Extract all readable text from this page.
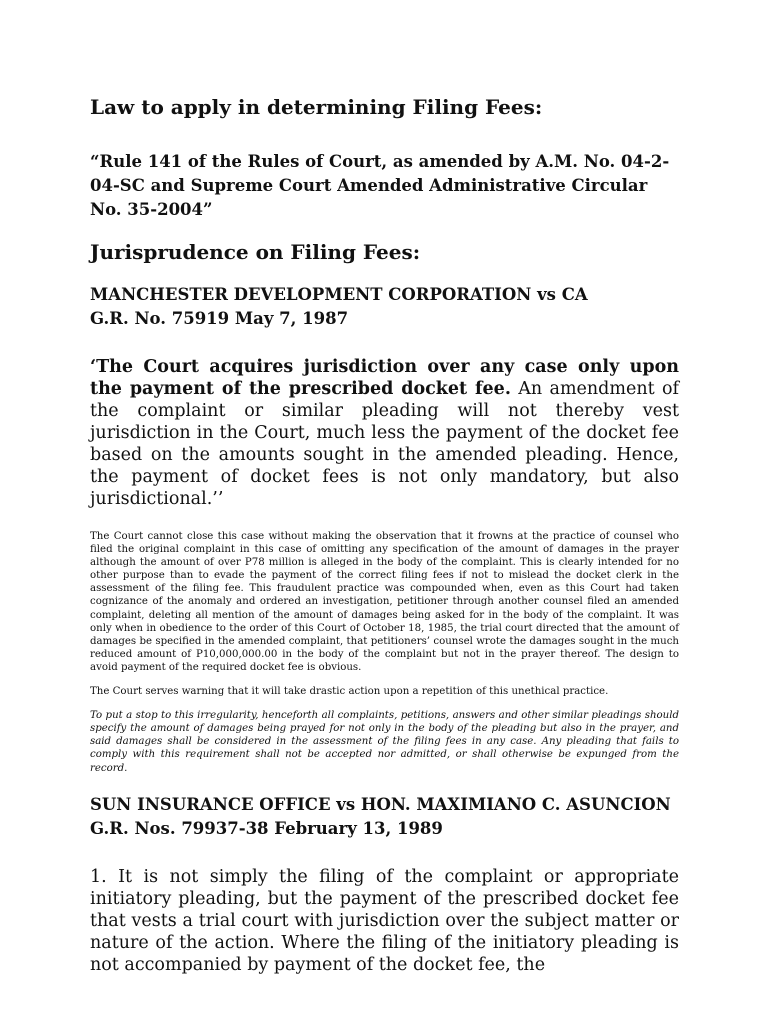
Law to apply in determining Filing Fees:
“Rule 141 of the Rules of Court, as amended by A.M. No. 04-2-04-SC and Supreme Court Amended Administrative Circular No. 35-2004”
Jurisprudence on Filing Fees:
MANCHESTER DEVELOPMENT CORPORATION vs CA
G.R. No. 75919 May 7, 1987
‘The Court acquires jurisdiction over any case only upon the payment of the prescribed docket fee. An amendment of the complaint or similar pleading will not thereby vest jurisdiction in the Court, much less the payment of the docket fee based on the amounts sought in the amended pleading. Hence, the payment of docket fees is not only mandatory, but also jurisdictional.’’
The Court cannot close this case without making the observation that it frowns at the practice of counsel who filed the original complaint in this case of omitting any specification of the amount of damages in the prayer although the amount of over P78 million is alleged in the body of the complaint. This is clearly intended for no other purpose than to evade the payment of the correct filing fees if not to mislead the docket clerk in the assessment of the filing fee. This fraudulent practice was compounded when, even as this Court had taken cognizance of the anomaly and ordered an investigation, petitioner through another counsel filed an amended complaint, deleting all mention of the amount of damages being asked for in the body of the complaint. It was only when in obedience to the order of this Court of October 18, 1985, the trial court directed that the amount of damages be specified in the amended complaint, that petitioners’ counsel wrote the damages sought in the much reduced amount of P10,000,000.00 in the body of the complaint but not in the prayer thereof. The design to avoid payment of the required docket fee is obvious.
The Court serves warning that it will take drastic action upon a repetition of this unethical practice.
To put a stop to this irregularity, henceforth all complaints, petitions, answers and other similar pleadings should specify the amount of damages being prayed for not only in the body of the pleading but also in the prayer, and said damages shall be considered in the assessment of the filing fees in any case. Any pleading that fails to comply with this requirement shall not be accepted nor admitted, or shall otherwise be expunged from the record.
SUN INSURANCE OFFICE vs HON. MAXIMIANO C. ASUNCION
G.R. Nos. 79937-38 February 13, 1989
1. It is not simply the filing of the complaint or appropriate initiatory pleading, but the payment of the prescribed docket fee that vests a trial court with jurisdiction over the subject matter or nature of the action. Where the filing of the initiatory pleading is not accompanied by payment of the docket fee, the
